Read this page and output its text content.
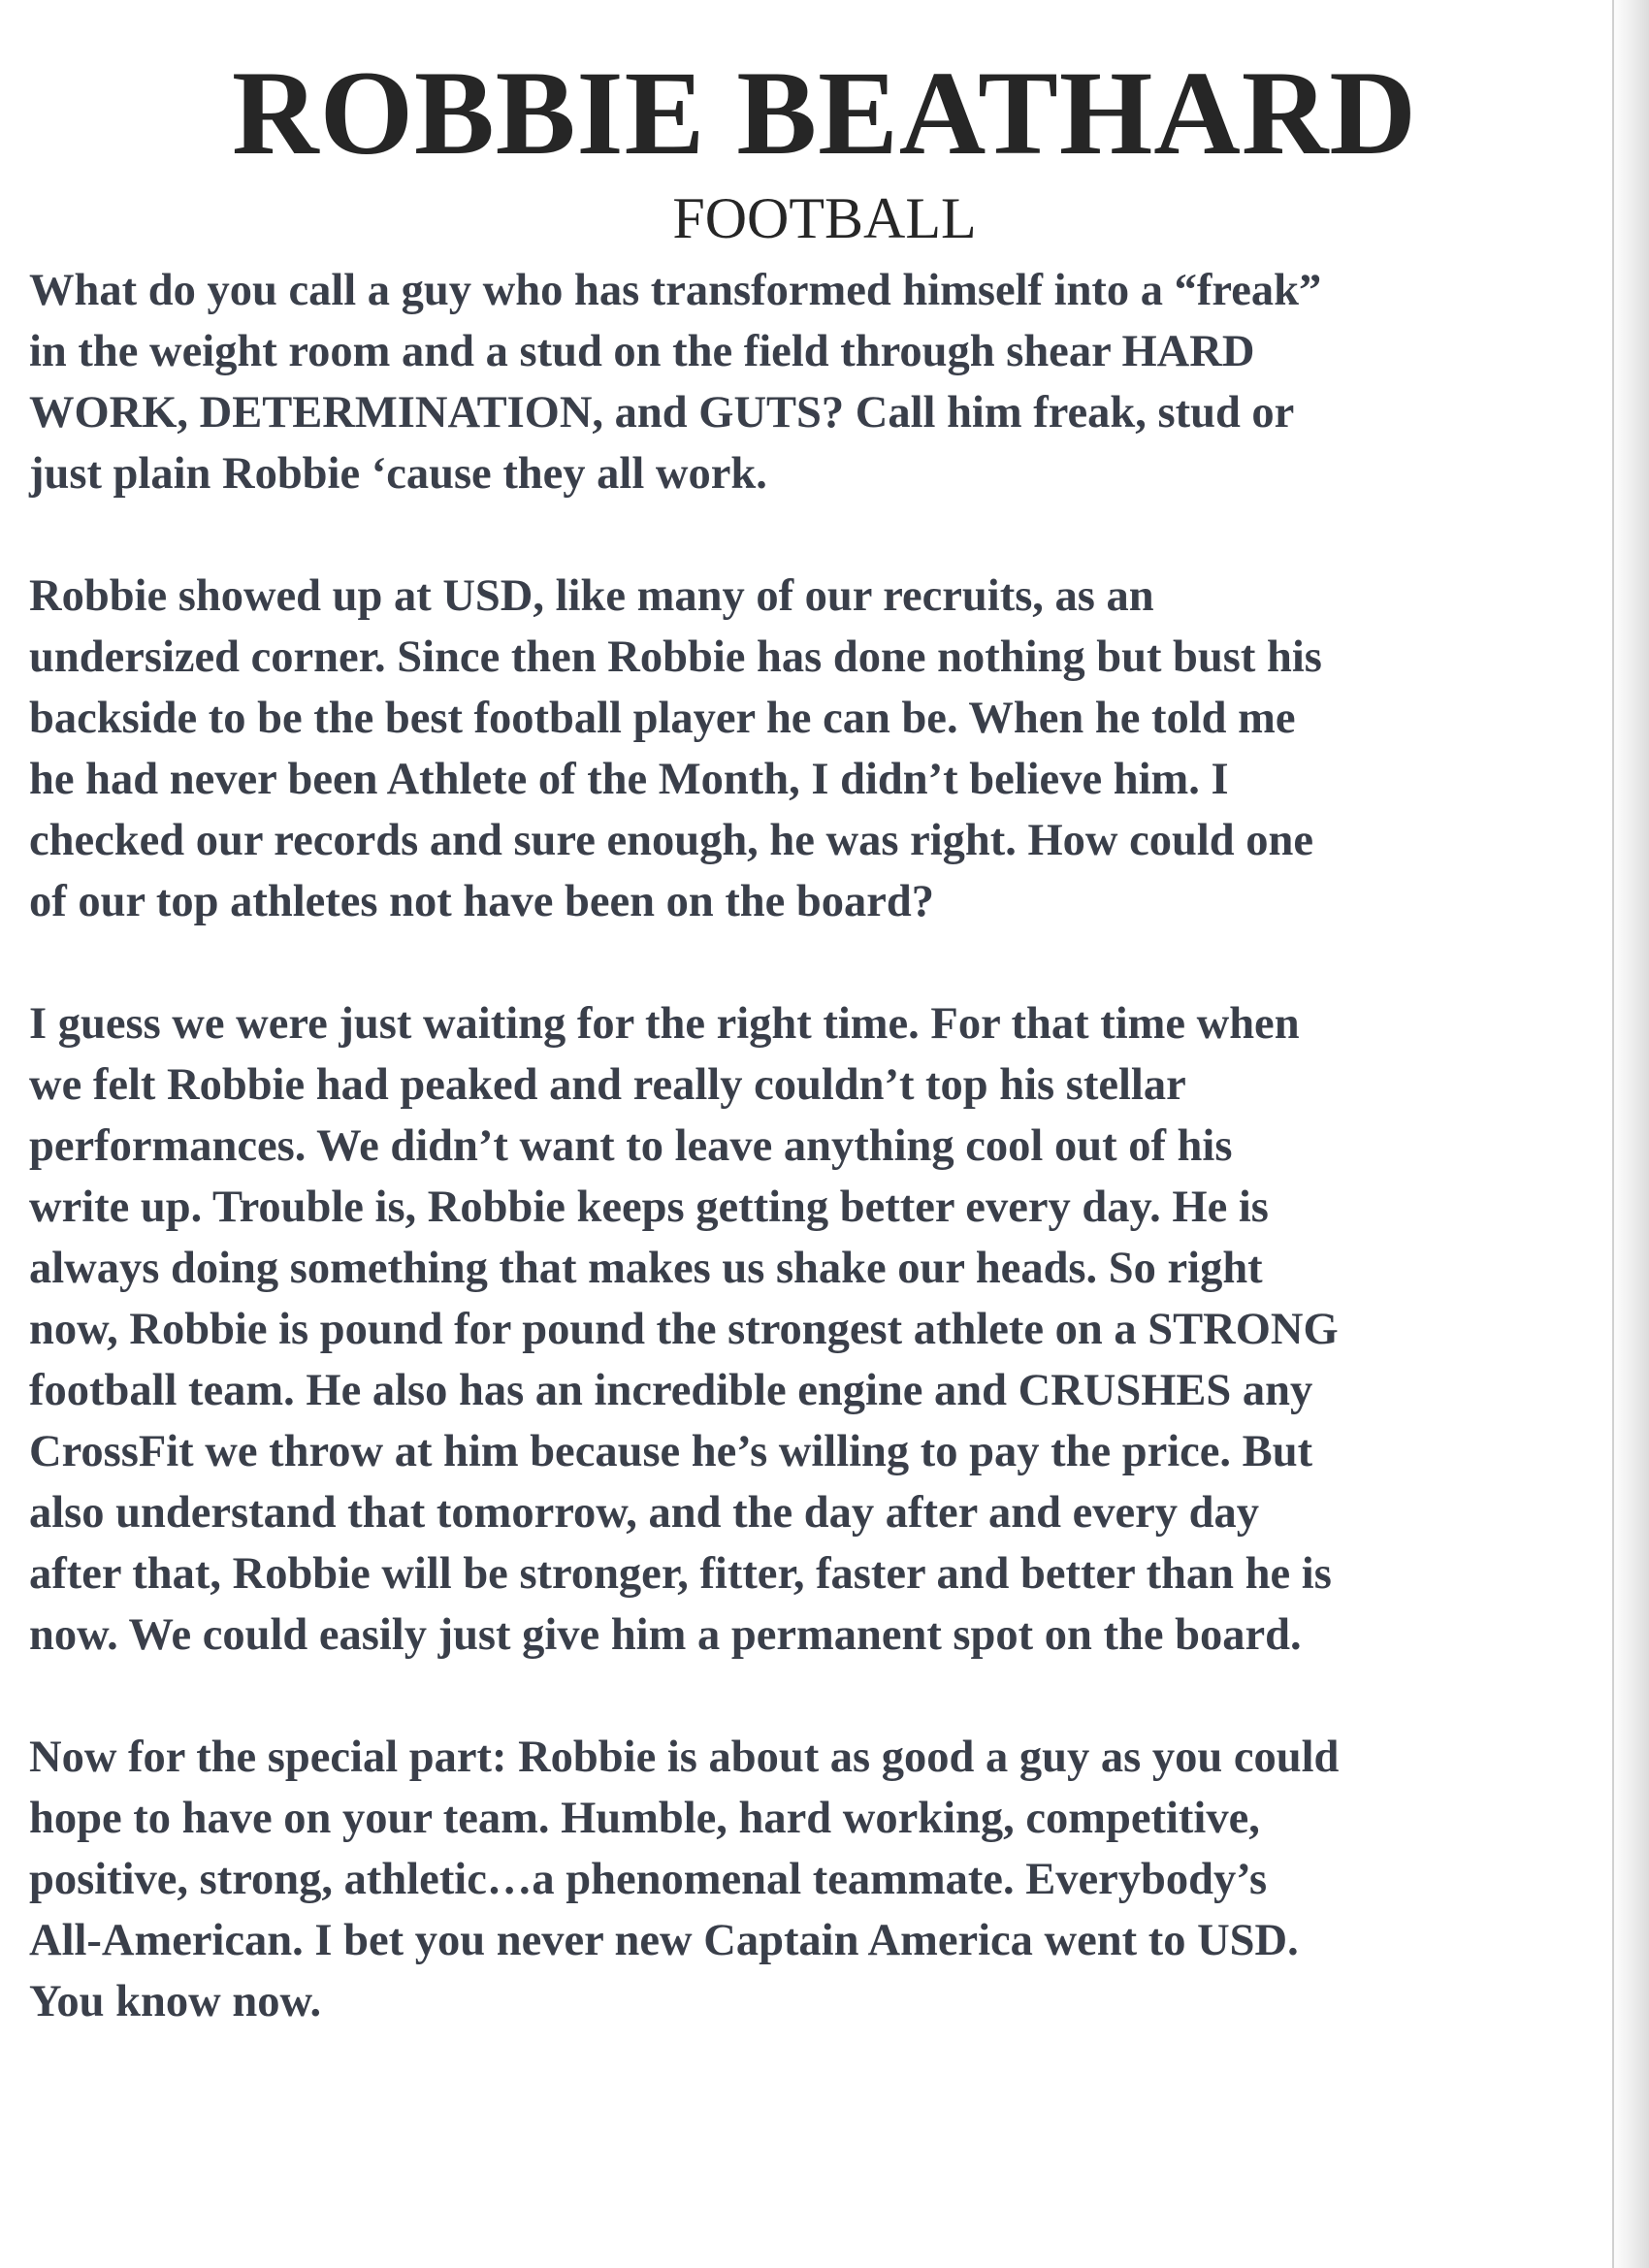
ROBBIE BEATHARD
FOOTBALL

What do you call a guy who has transformed himself into a “freak”
in the weight room and a stud on the field through shear HARD
WORK, DETERMINATION, and GUTS? Call him freak, stud or
just plain Robbie ‘cause they all work.

Robbie showed up at USD, like many of our recruits, as an
undersized corner. Since then Robbie has done nothing but bust his
backside to be the best football player he can be. When he told me
he had never been Athlete of the Month, I didn’t believe him. I
checked our records and sure enough, he was right. How could one
of our top athletes not have been on the board?

I guess we were just waiting for the right time. For that time when
we felt Robbie had peaked and really couldn’t top his stellar
performances. We didn’t want to leave anything cool out of his
write up. Trouble is, Robbie keeps getting better every day. He is
always doing something that makes us shake our heads. So right
now, Robbie is pound for pound the strongest athlete on a STRONG
football team. He also has an incredible engine and CRUSHES any
CrossFit we throw at him because he’s willing to pay the price. But
also understand that tomorrow, and the day after and every day
after that, Robbie will be stronger, fitter, faster and better than he is
now. We could easily just give him a permanent spot on the board.

Now for the special part: Robbie is about as good a guy as you could
hope to have on your team. Humble, hard working, competitive,
positive, strong, athletic…a phenomenal teammate. Everybody’s
All-American. I bet you never new Captain America went to USD.
You know now.
